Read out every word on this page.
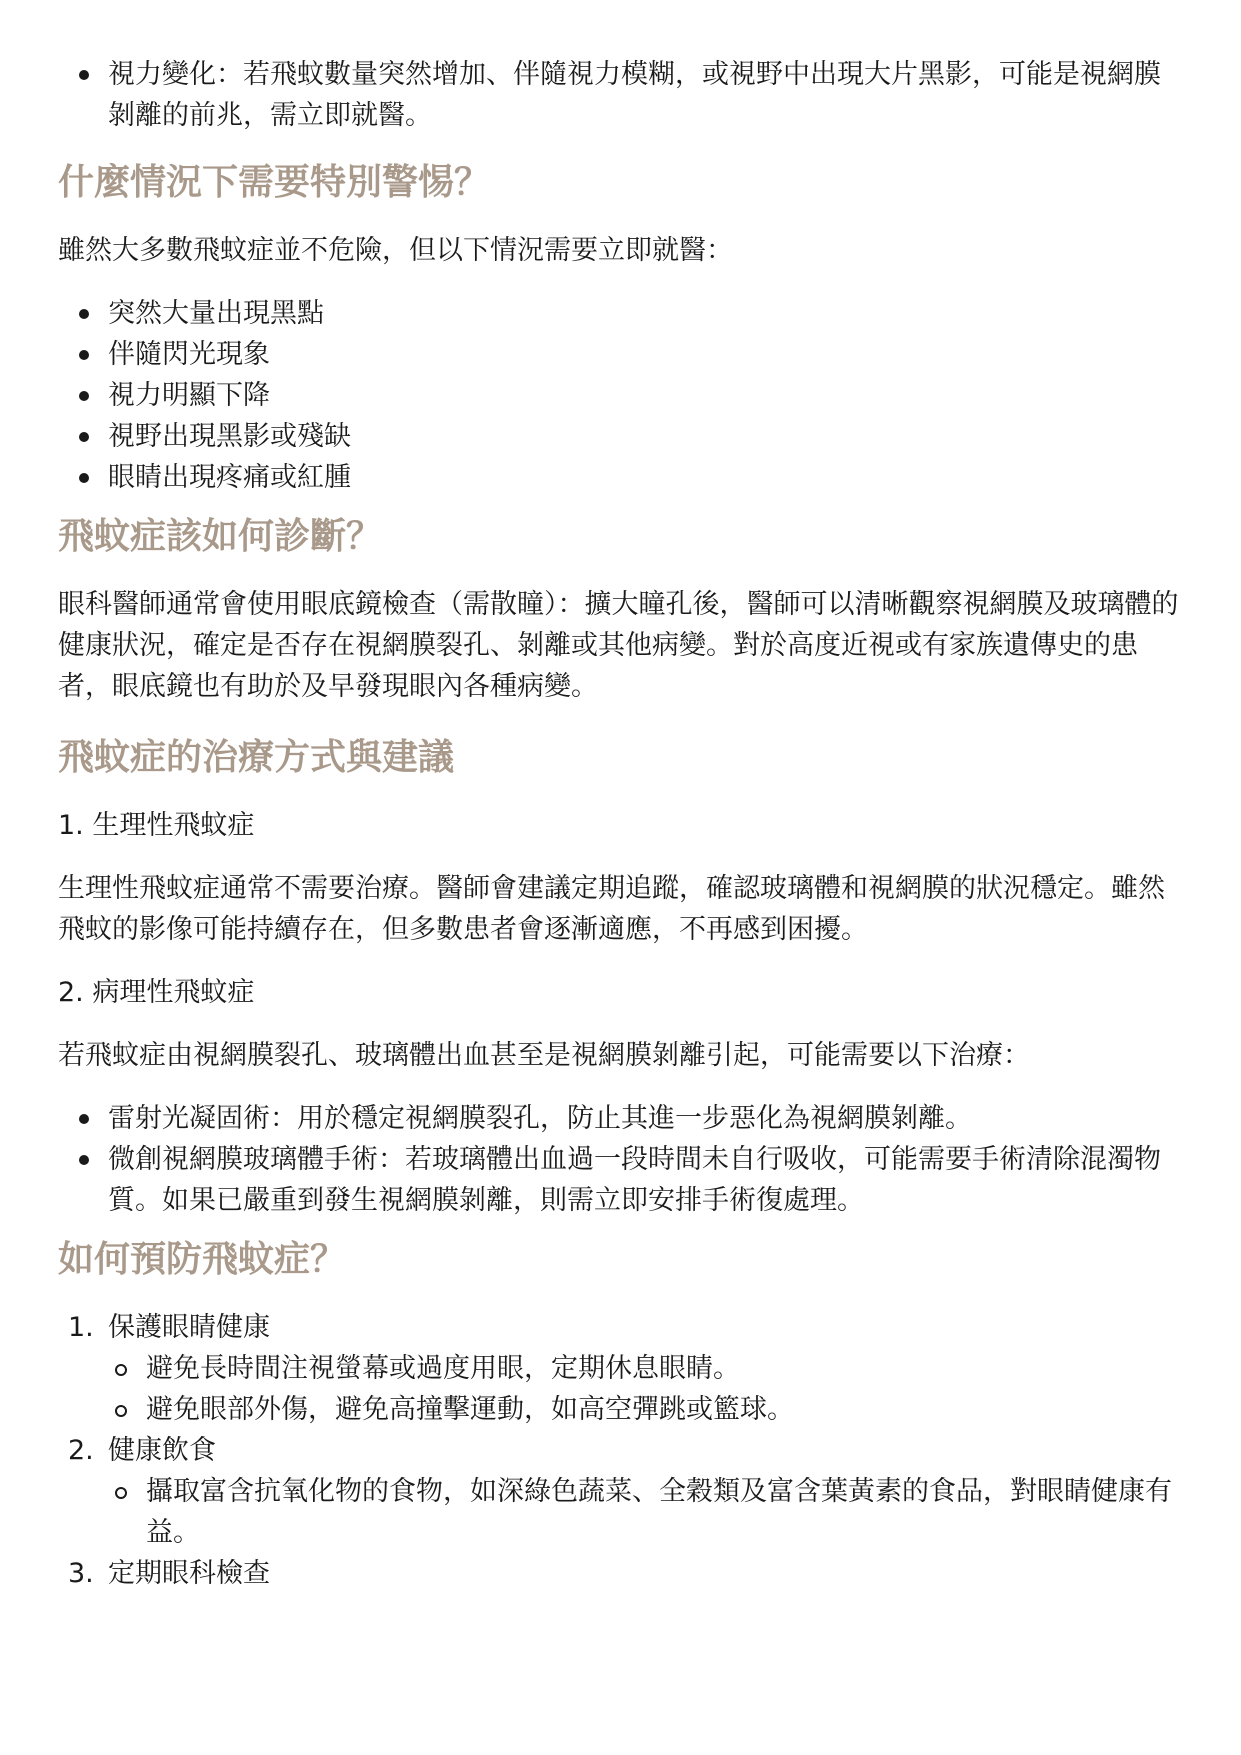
視力變化：若飛蚊數量突然增加、伴隨視力模糊，或視野中出現大片黑影，可能是視網膜剝離的前兆，需立即就醫。
什麼情況下需要特別警惕？

雖然大多數飛蚊症並不危險，但以下情況需要立即就醫：

突然大量出現黑點
伴隨閃光現象
視力明顯下降
視野出現黑影或殘缺
眼睛出現疼痛或紅腫
飛蚊症該如何診斷？

眼科醫師通常會使用眼底鏡檢查（需散瞳）：擴大瞳孔後，醫師可以清晰觀察視網膜及玻璃體的健康狀況，確定是否存在視網膜裂孔、剝離或其他病變。對於高度近視或有家族遺傳史的患者，眼底鏡也有助於及早發現眼內各種病變。

飛蚊症的治療方式與建議

1. 生理性飛蚊症

生理性飛蚊症通常不需要治療。醫師會建議定期追蹤，確認玻璃體和視網膜的狀況穩定。雖然飛蚊的影像可能持續存在，但多數患者會逐漸適應，不再感到困擾。

2. 病理性飛蚊症

若飛蚊症由視網膜裂孔、玻璃體出血甚至是視網膜剝離引起，可能需要以下治療：

雷射光凝固術：用於穩定視網膜裂孔，防止其進一步惡化為視網膜剝離。
微創視網膜玻璃體手術：若玻璃體出血過一段時間未自行吸收，可能需要手術清除混濁物質。如果已嚴重到發生視網膜剝離，則需立即安排手術復處理。
如何預防飛蚊症？
1. 保護眼睛健康
避免長時間注視螢幕或過度用眼，定期休息眼睛。
避免眼部外傷，避免高撞擊運動，如高空彈跳或籃球。
2. 健康飲食
攝取富含抗氧化物的食物，如深綠色蔬菜、全穀類及富含葉黃素的食品，對眼睛健康有益。
3. 定期眼科檢查
